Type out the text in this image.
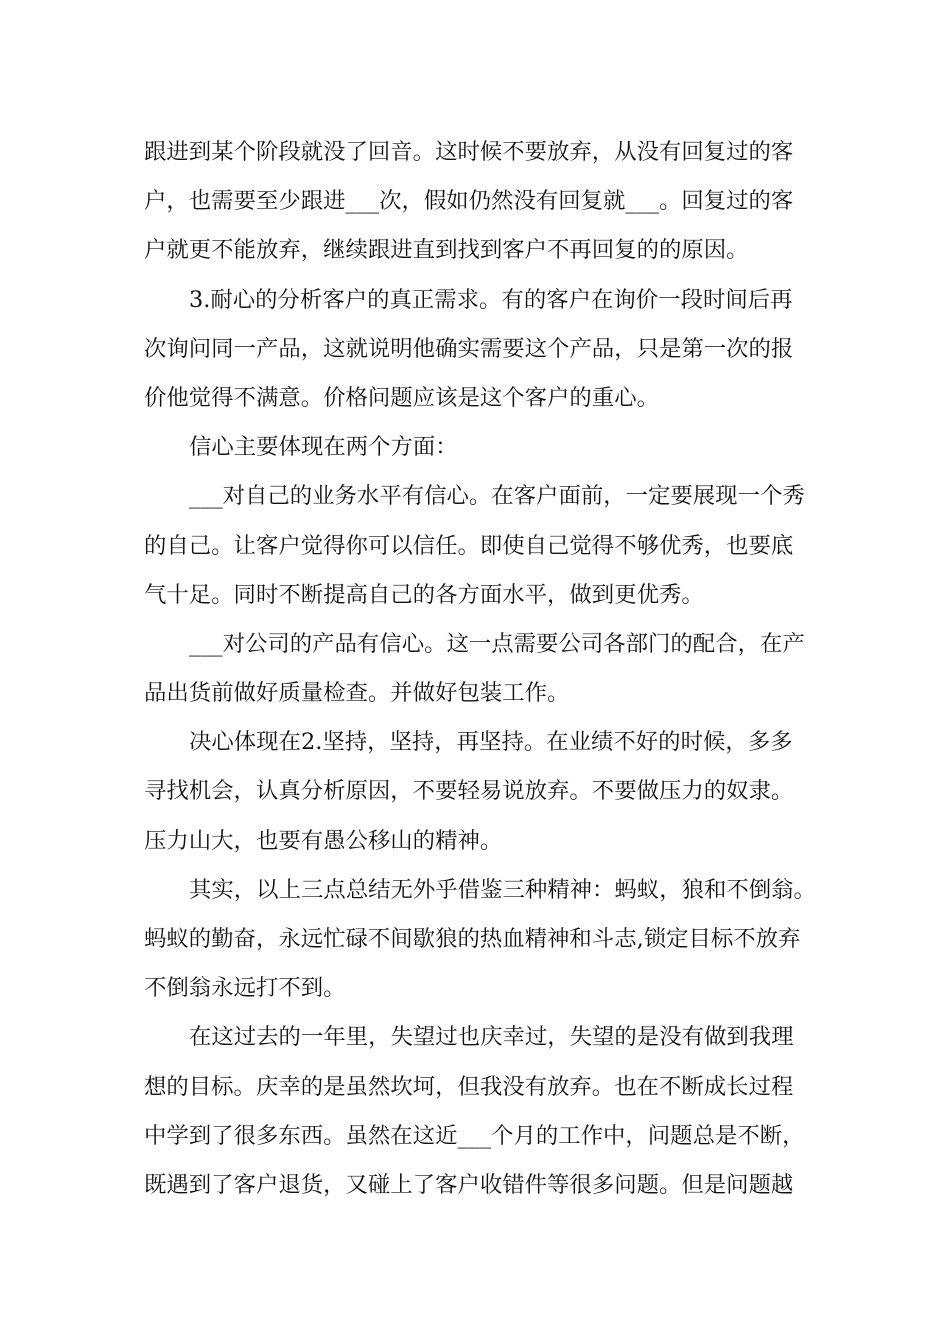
跟进到某个阶段就没了回音。这时候不要放弃，从没有回复过的客
户，也需要至少跟进___次，假如仍然没有回复就___。回复过的客
户就更不能放弃，继续跟进直到找到客户不再回复的的原因。
3.耐心的分析客户的真正需求。有的客户在询价一段时间后再
次询问同一产品，这就说明他确实需要这个产品，只是第一次的报
价他觉得不满意。价格问题应该是这个客户的重心。
信心主要体现在两个方面：
___对自己的业务水平有信心。在客户面前，一定要展现一个秀
的自己。让客户觉得你可以信任。即使自己觉得不够优秀，也要底
气十足。同时不断提高自己的各方面水平，做到更优秀。
___对公司的产品有信心。这一点需要公司各部门的配合，在产
品出货前做好质量检查。并做好包装工作。
决心体现在2.坚持，坚持，再坚持。在业绩不好的时候，多多
寻找机会，认真分析原因，不要轻易说放弃。不要做压力的奴隶。
压力山大，也要有愚公移山的精神。
其实，以上三点总结无外乎借鉴三种精神：蚂蚁，狼和不倒翁。
蚂蚁的勤奋，永远忙碌不间歇狼的热血精神和斗志,锁定目标不放弃
不倒翁永远打不到。
在这过去的一年里，失望过也庆幸过，失望的是没有做到我理
想的目标。庆幸的是虽然坎坷，但我没有放弃。也在不断成长过程
中学到了很多东西。虽然在这近___个月的工作中，问题总是不断，
既遇到了客户退货，又碰上了客户收错件等很多问题。但是问题越
